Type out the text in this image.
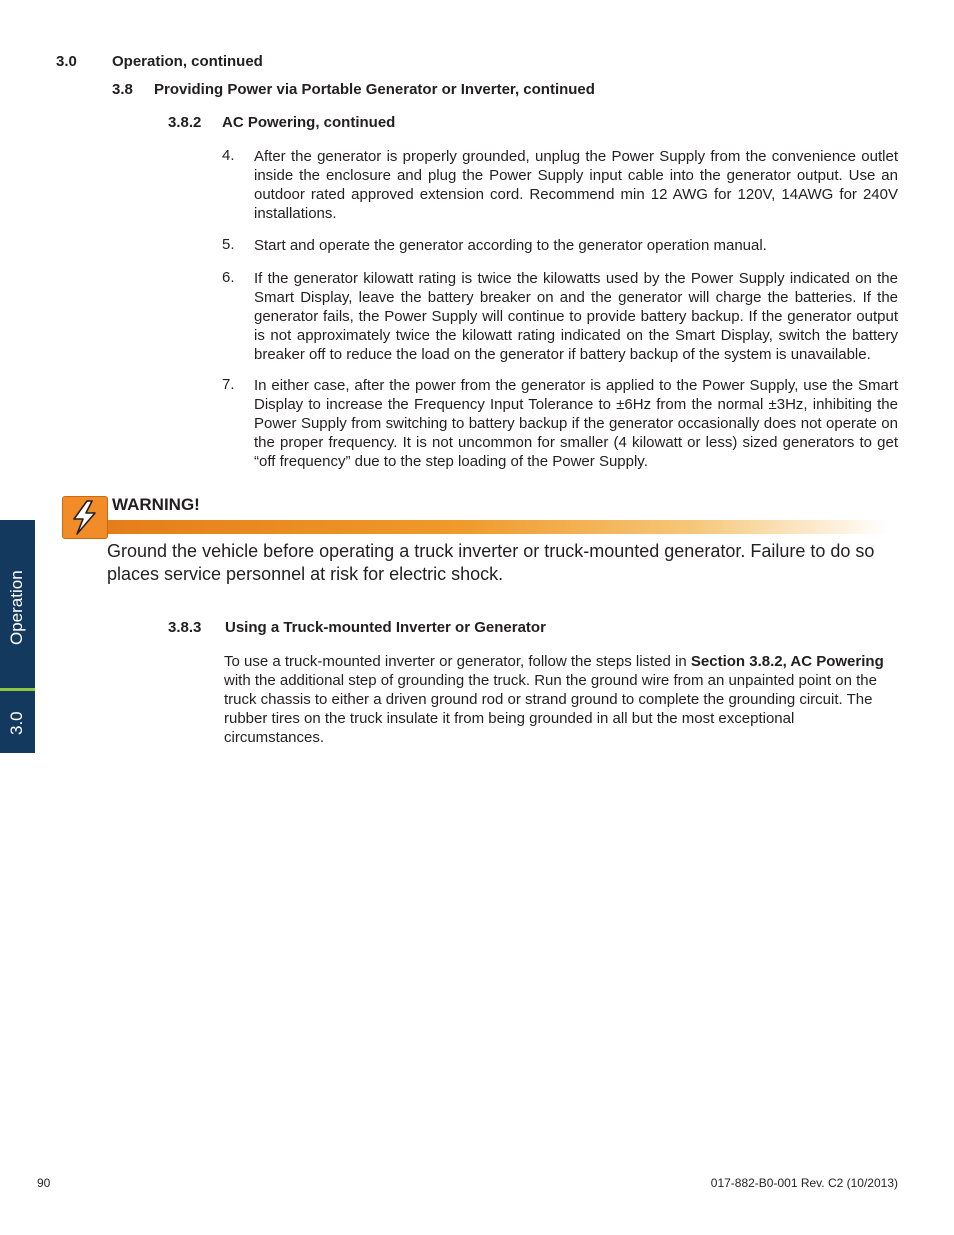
3.0 Operation, continued
3.8 Providing Power via Portable Generator or Inverter, continued
3.8.2 AC Powering, continued
4. After the generator is properly grounded, unplug the Power Supply from the convenience outlet inside the enclosure and plug the Power Supply input cable into the generator output. Use an outdoor rated approved extension cord. Recommend min 12 AWG for 120V, 14AWG for 240V installations.
5. Start and operate the generator according to the generator operation manual.
6. If the generator kilowatt rating is twice the kilowatts used by the Power Supply indicated on the Smart Display, leave the battery breaker on and the generator will charge the batteries. If the generator fails, the Power Supply will continue to provide battery backup. If the generator output is not approximately twice the kilowatt rating indicated on the Smart Display, switch the battery breaker off to reduce the load on the generator if battery backup of the system is unavailable.
7. In either case, after the power from the generator is applied to the Power Supply, use the Smart Display to increase the Frequency Input Tolerance to ±6Hz from the normal ±3Hz, inhibiting the Power Supply from switching to battery backup if the generator occasionally does not operate on the proper frequency. It is not uncommon for smaller (4 kilowatt or less) sized generators to get “off frequency” due to the step loading of the Power Supply.
WARNING!
Ground the vehicle before operating a truck inverter or truck-mounted generator. Failure to do so places service personnel at risk for electric shock.
3.8.3 Using a Truck-mounted Inverter or Generator
To use a truck-mounted inverter or generator, follow the steps listed in Section 3.8.2, AC Powering with the additional step of grounding the truck. Run the ground wire from an unpainted point on the truck chassis to either a driven ground rod or strand ground to complete the grounding circuit. The rubber tires on the truck insulate it from being grounded in all but the most exceptional circumstances.
Operation
3.0
90	017-882-B0-001 Rev. C2 (10/2013)
